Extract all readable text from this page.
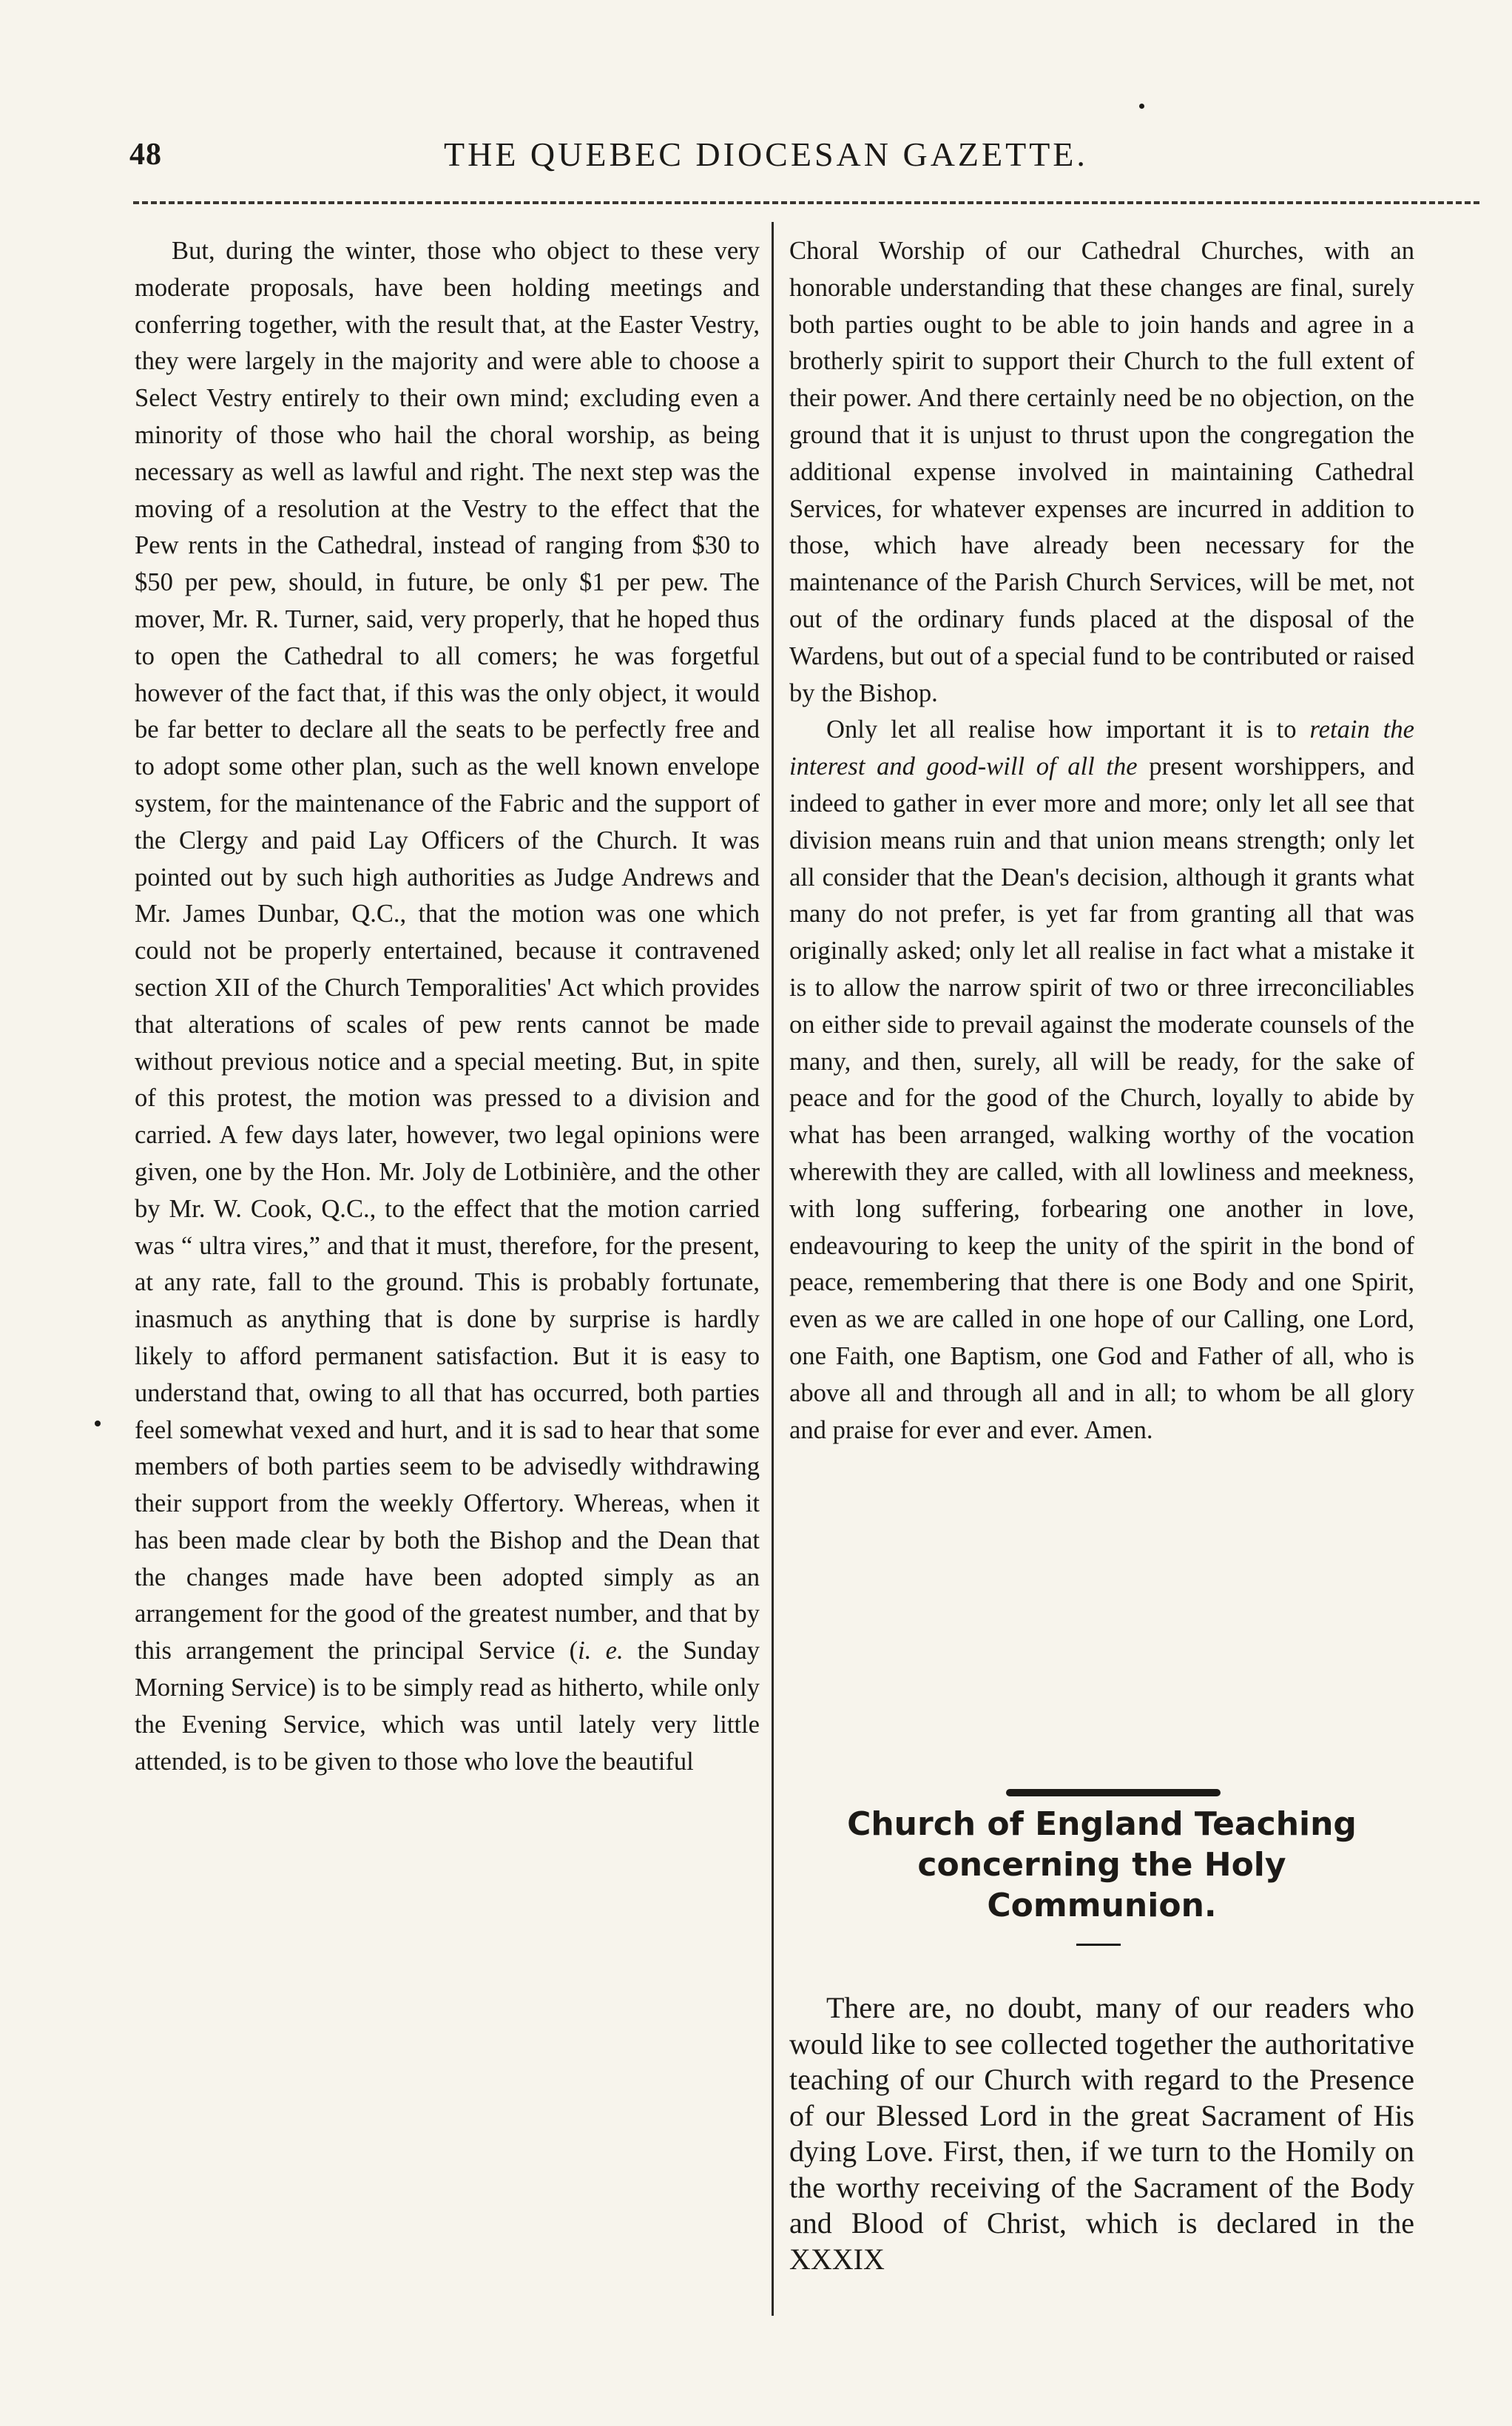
48	THE QUEBEC DIOCESAN GAZETTE.

But, during the winter, those who object to these very moderate proposals, have been holding meetings and conferring together, with the result that, at the Easter Vestry, they were largely in the majority and were able to choose a Select Vestry entirely to their own mind; excluding even a minority of those who hail the choral worship, as being necessary as well as lawful and right. The next step was the moving of a resolution at the Vestry to the effect that the Pew rents in the Cathedral, instead of ranging from $30 to $50 per pew, should, in future, be only $1 per pew. The mover, Mr. R. Turner, said, very properly, that he hoped thus to open the Cathedral to all comers; he was forgetful however of the fact that, if this was the only object, it would be far better to declare all the seats to be perfectly free and to adopt some other plan, such as the well known envelope system, for the maintenance of the Fabric and the support of the Clergy and paid Lay Officers of the Church. It was pointed out by such high authorities as Judge Andrews and Mr. James Dunbar, Q.C., that the motion was one which could not be properly entertained, because it contravened section XII of the Church Temporalities' Act which provides that alterations of scales of pew rents cannot be made without previous notice and a special meeting. But, in spite of this protest, the motion was pressed to a division and carried. A few days later, however, two legal opinions were given, one by the Hon. Mr. Joly de Lotbinière, and the other by Mr. W. Cook, Q.C., to the effect that the motion carried was “ ultra vires,” and that it must, therefore, for the present, at any rate, fall to the ground. This is probably fortunate, inasmuch as anything that is done by surprise is hardly likely to afford permanent satisfaction. But it is easy to understand that, owing to all that has occurred, both parties feel somewhat vexed and hurt, and it is sad to hear that some members of both parties seem to be advisedly withdrawing their support from the weekly Offertory. Whereas, when it has been made clear by both the Bishop and the Dean that the changes made have been adopted simply as an arrangement for the good of the greatest number, and that by this arrangement the principal Service (i. e. the Sunday Morning Service) is to be simply read as hitherto, while only the Evening Service, which was until lately very little attended, is to be given to those who love the beautiful

Choral Worship of our Cathedral Churches, with an honorable understanding that these changes are final, surely both parties ought to be able to join hands and agree in a brotherly spirit to support their Church to the full extent of their power. And there certainly need be no objection, on the ground that it is unjust to thrust upon the congregation the additional expense involved in maintaining Cathedral Services, for whatever expenses are incurred in addition to those, which have already been necessary for the maintenance of the Parish Church Services, will be met, not out of the ordinary funds placed at the disposal of the Wardens, but out of a special fund to be contributed or raised by the Bishop.

Only let all realise how important it is to retain the interest and good-will of all the present worshippers, and indeed to gather in ever more and more; only let all see that division means ruin and that union means strength; only let all consider that the Dean's decision, although it grants what many do not prefer, is yet far from granting all that was originally asked; only let all realise in fact what a mistake it is to allow the narrow spirit of two or three irreconciliables on either side to prevail against the moderate counsels of the many, and then, surely, all will be ready, for the sake of peace and for the good of the Church, loyally to abide by what has been arranged, walking worthy of the vocation wherewith they are called, with all lowliness and meekness, with long suffering, forbearing one another in love, endeavouring to keep the unity of the spirit in the bond of peace, remembering that there is one Body and one Spirit, even as we are called in one hope of our Calling, one Lord, one Faith, one Baptism, one God and Father of all, who is above all and through all and in all; to whom be all glory and praise for ever and ever. Amen.

Church of England Teaching
concerning the Holy
Communion.

There are, no doubt, many of our readers who would like to see collected together the authoritative teaching of our Church with regard to the Presence of our Blessed Lord in the great Sacrament of His dying Love. First, then, if we turn to the Homily on the worthy receiving of the Sacrament of the Body and Blood of Christ, which is declared in the XXXIX
